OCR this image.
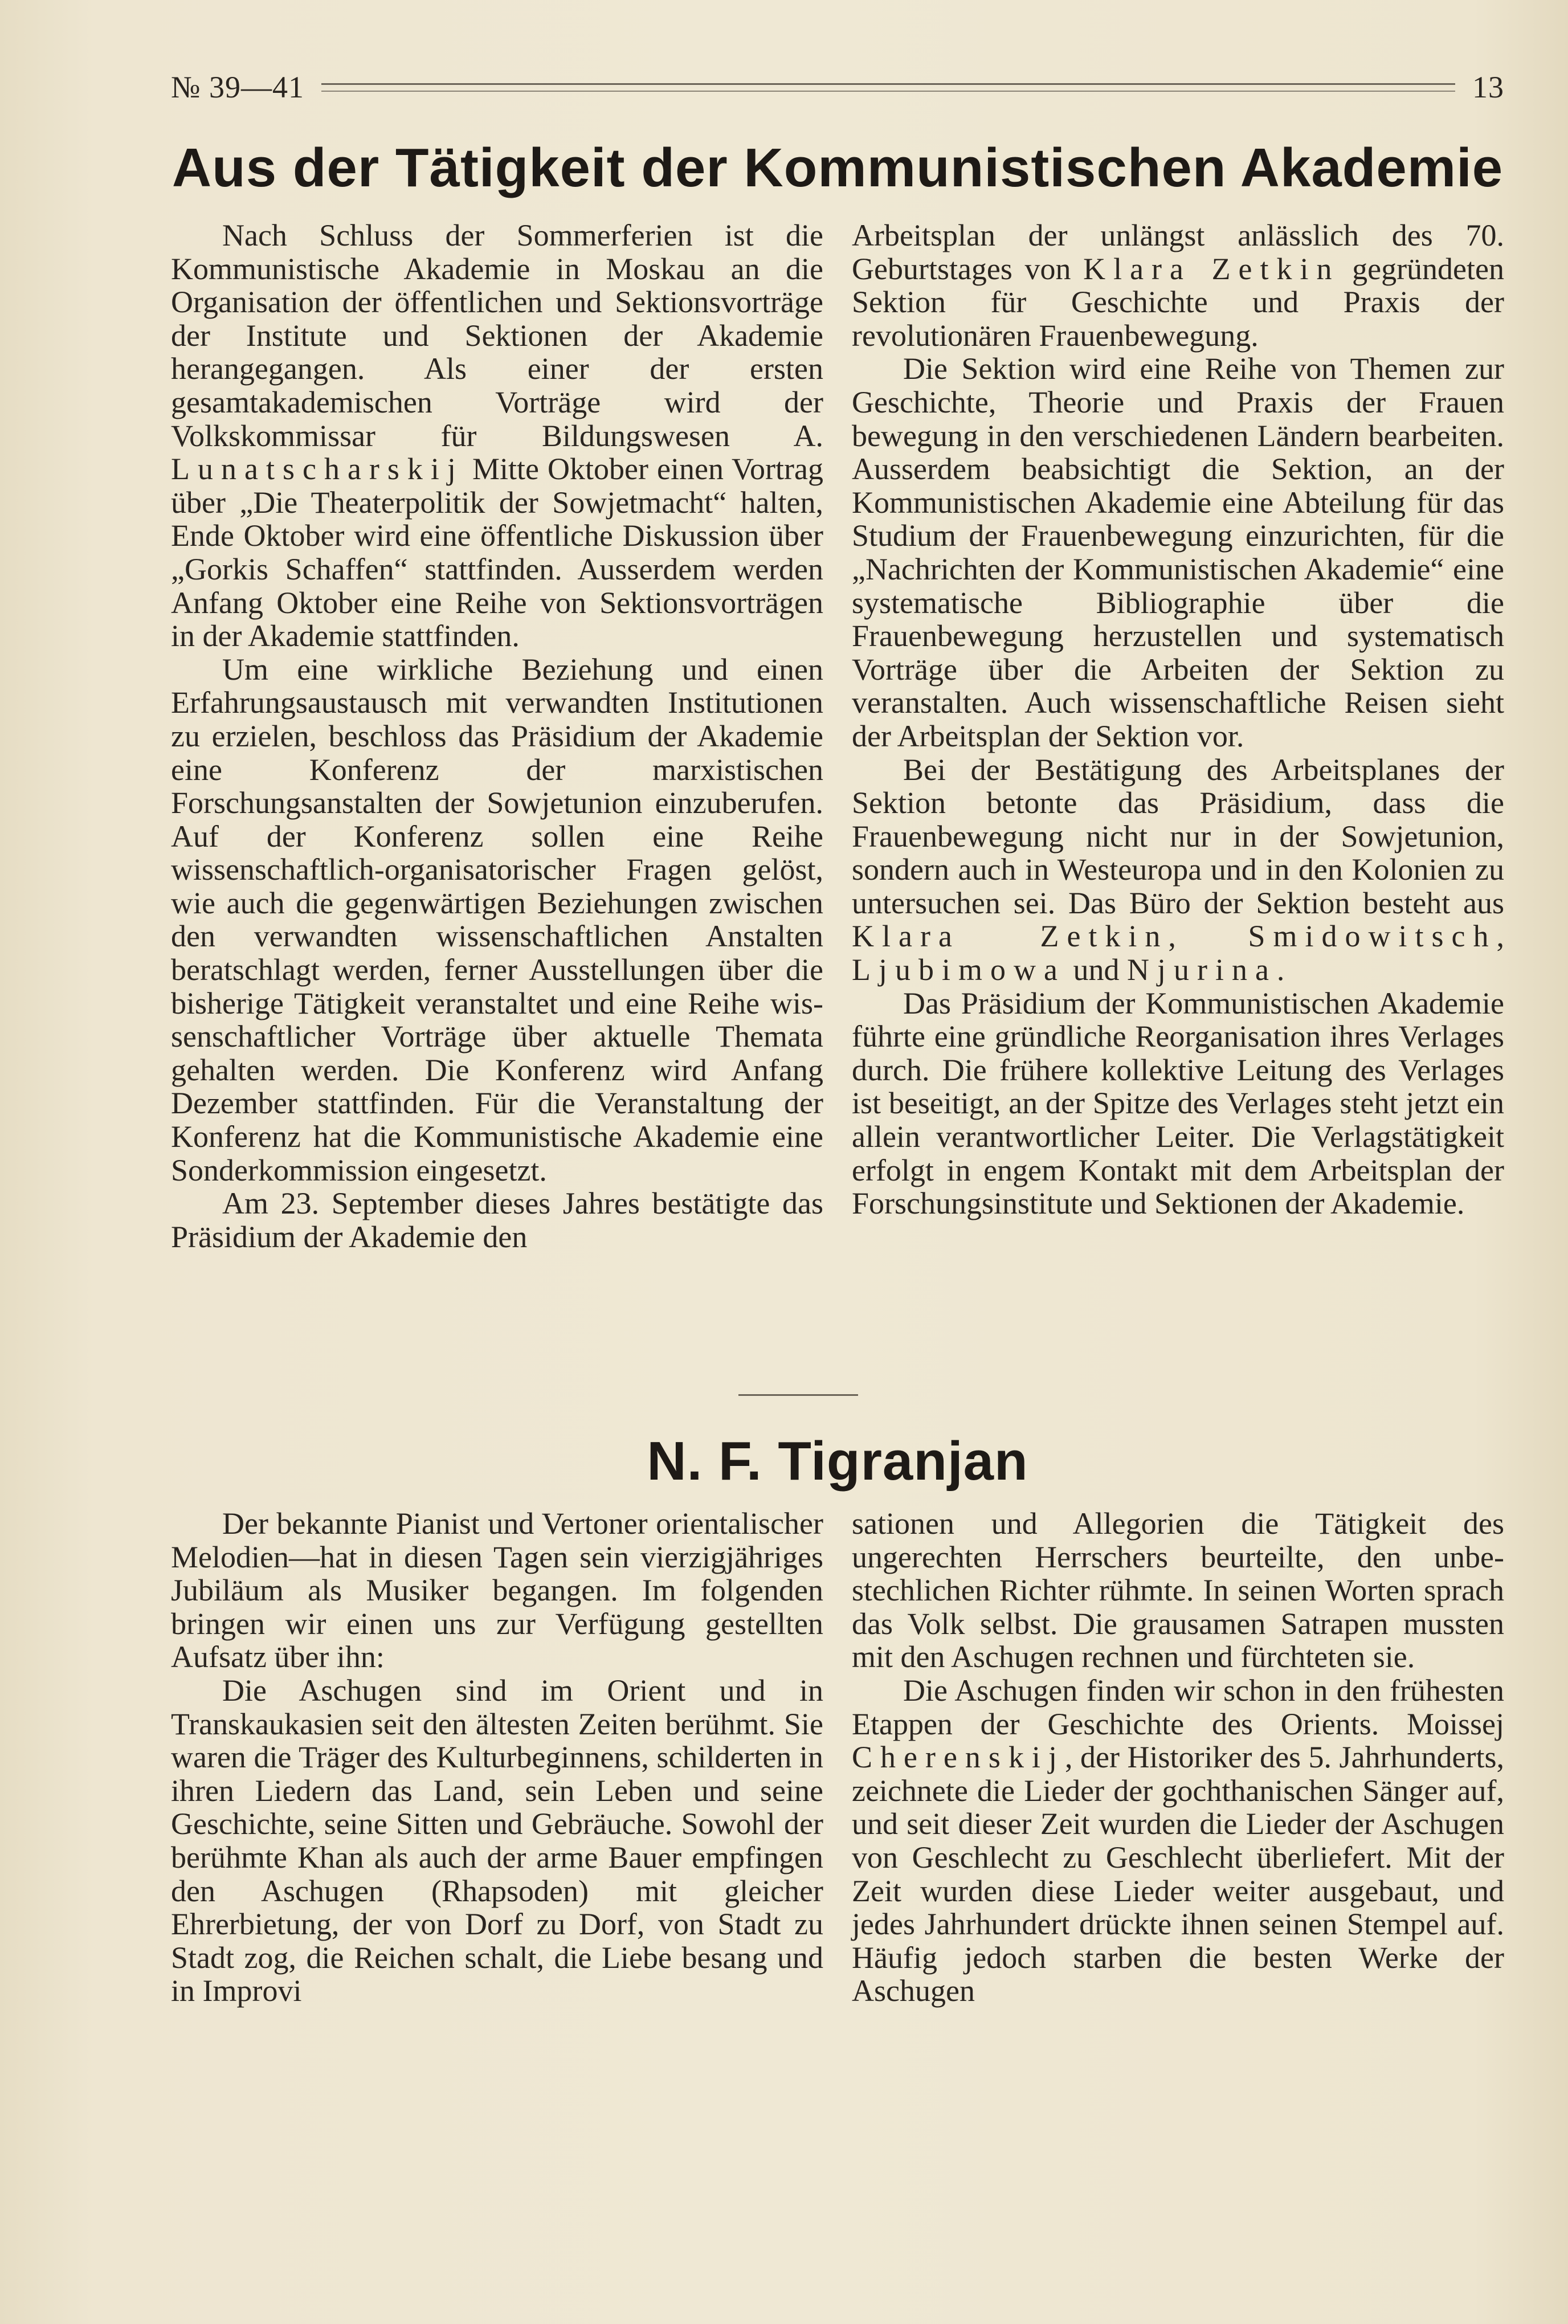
№ 39—41	13
Aus der Tätigkeit der Kommunistischen Akademie

Nach Schluss der Sommerferien ist die Kommunistische Akademie in Moskau an die Organisation der öffentlichen und Sektionsvorträge der Institute und Sektionen der Akademie herangegangen. Als einer der ersten gesamtakademischen Vorträge wird der Volkskommissar für Bildungswesen A. Lunatscharskij Mitte Oktober einen Vortrag über „Die Theaterpolitik der Sowjetmacht“ halten, Ende Oktober wird eine öffentliche Diskussion über „Gorkis Schaffen“ stattfinden. Ausserdem werden Anfang Oktober eine Reihe von Sektionsvorträgen in der Akademie stattfinden.

Um eine wirkliche Beziehung und einen Erfahrungsaustausch mit verwandten Institutionen zu erzielen, beschloss das Präsidium der Akademie eine Konferenz der marxistischen Forschungsanstalten der Sowjetunion einzuberufen. Auf der Konferenz sollen eine Reihe wissenschaftlich-organisatorischer Fragen gelöst, wie auch die gegenwärtigen Beziehungen zwischen den verwandten wissenschaftlichen Anstalten beratschlagt werden, ferner Ausstellungen über die bisherige Tätigkeit veranstaltet und eine Reihe wissenschaftlicher Vorträge über aktuelle Themata gehalten werden. Die Konferenz wird Anfang Dezember stattfinden. Für die Veranstaltung der Konferenz hat die Kommunistische Akademie eine Sonderkommission eingesetzt.

Am 23. September dieses Jahres bestätigte das Präsidium der Akademie den

Arbeitsplan der unlängst anlässlich des 70. Geburtstages von Klara Zetkin gegründeten Sektion für Geschichte und Praxis der revolutionären Frauenbewegung.

Die Sektion wird eine Reihe von Themen zur Geschichte, Theorie und Praxis der Frauen bewegung in den verschiedenen Ländern bearbeiten. Ausserdem beabsichtigt die Sektion, an der Kommunistischen Akademie eine Abteilung für das Studium der Frauenbewegung einzurichten, für die „Nachrichten der Kommunistischen Akademie“ eine systematische Bibliographie über die Frauenbewegung herzustellen und systematisch Vorträge über die Arbeiten der Sektion zu veranstalten. Auch wissenschaftliche Reisen sieht der Arbeitsplan der Sektion vor.

Bei der Bestätigung des Arbeitsplanes der Sektion betonte das Präsidium, dass die Frauenbewegung nicht nur in der Sowjetunion, sondern auch in Westeuropa und in den Kolonien zu untersuchen sei. Das Büro der Sektion besteht aus Klara Zetkin, Smidowitsch, Ljubimowa und Njurina.

Das Präsidium der Kommunistischen Akademie führte eine gründliche Reorganisation ihres Verlages durch. Die frühere kollektive Leitung des Verlages ist beseitigt, an der Spitze des Verlages steht jetzt ein allein verantwortlicher Leiter. Die Verlagstätigkeit erfolgt in engem Kontakt mit dem Arbeitsplan der Forschungsinstitute und Sektionen der Akademie.

N. F. Tigranjan

Der bekannte Pianist und Vertoner orientalischer Melodien—hat in diesen Tagen sein vierzigjähriges Jubiläum als Musiker begangen. Im folgenden bringen wir einen uns zur Verfügung gestellten Aufsatz über ihn:

Die Aschugen sind im Orient und in Transkaukasien seit den ältesten Zeiten berühmt. Sie waren die Träger des Kulturbeginnens, schilderten in ihren Liedern das Land, sein Leben und seine Geschichte, seine Sitten und Gebräuche. Sowohl der berühmte Khan als auch der arme Bauer empfingen den Aschugen (Rhapsoden) mit gleicher Ehrerbietung, der von Dorf zu Dorf, von Stadt zu Stadt zog, die Reichen schalt, die Liebe besang und in Improvi

sationen und Allegorien die Tätigkeit des ungerechten Herrschers beurteilte, den unbestechlichen Richter rühmte. In seinen Worten sprach das Volk selbst. Die grausamen Satrapen mussten mit den Aschugen rechnen und fürchteten sie.

Die Aschugen finden wir schon in den frühesten Etappen der Geschichte des Orients. Moissej Cherenskij, der Historiker des 5. Jahrhunderts, zeichnete die Lieder der gochthanischen Sänger auf, und seit dieser Zeit wurden die Lieder der Aschugen von Geschlecht zu Geschlecht überliefert. Mit der Zeit wurden diese Lieder weiter ausgebaut, und jedes Jahrhundert drückte ihnen seinen Stempel auf. Häufig jedoch starben die besten Werke der Aschugen
